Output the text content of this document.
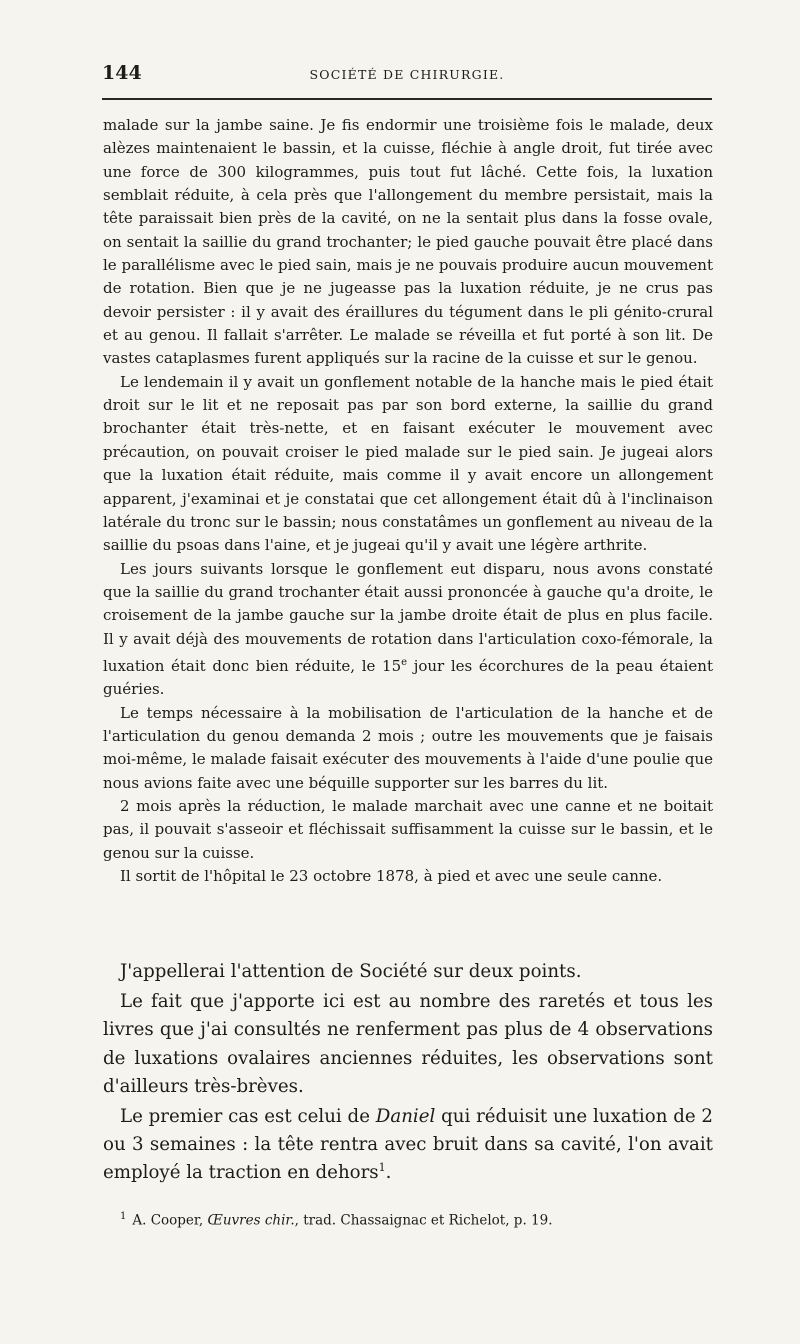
144	SOCIÉTÉ DE CHIRURGIE.

malade sur la jambe saine. Je fis endormir une troisième fois le malade, deux alèzes maintenaient le bassin, et la cuisse, fléchie à angle droit, fut tirée avec une force de 300 kilogrammes, puis tout fut lâché. Cette fois, la luxation semblait réduite, à cela près que l'allongement du membre persistait, mais la tête paraissait bien près de la cavité, on ne la sentait plus dans la fosse ovale, on sentait la saillie du grand trochanter; le pied gauche pouvait être placé dans le parallélisme avec le pied sain, mais je ne pouvais produire aucun mouvement de rotation. Bien que je ne jugeasse pas la luxation réduite, je ne crus pas devoir persister : il y avait des éraillures du tégument dans le pli génito-crural et au genou. Il fallait s'arrêter. Le malade se réveilla et fut porté à son lit. De vastes cataplasmes furent appliqués sur la racine de la cuisse et sur le genou.

Le lendemain il y avait un gonflement notable de la hanche mais le pied était droit sur le lit et ne reposait pas par son bord externe, la saillie du grand brochanter était très-nette, et en faisant exécuter le mouvement avec précaution, on pouvait croiser le pied malade sur le pied sain. Je jugeai alors que la luxation était réduite, mais comme il y avait encore un allongement apparent, j'examinai et je constatai que cet allongement était dû à l'inclinaison latérale du tronc sur le bassin; nous constatâmes un gonflement au niveau de la saillie du psoas dans l'aine, et je jugeai qu'il y avait une légère arthrite.

Les jours suivants lorsque le gonflement eut disparu, nous avons constaté que la saillie du grand trochanter était aussi prononcée à gauche qu'a droite, le croisement de la jambe gauche sur la jambe droite était de plus en plus facile. Il y avait déjà des mouvements de rotation dans l'articulation coxo-fémorale, la luxation était donc bien réduite, le 15e jour les écorchures de la peau étaient guéries.

Le temps nécessaire à la mobilisation de l'articulation de la hanche et de l'articulation du genou demanda 2 mois ; outre les mouvements que je faisais moi-même, le malade faisait exécuter des mouvements à l'aide d'une poulie que nous avions faite avec une béquille supporter sur les barres du lit.

2 mois après la réduction, le malade marchait avec une canne et ne boitait pas, il pouvait s'asseoir et fléchissait suffisamment la cuisse sur le bassin, et le genou sur la cuisse.

Il sortit de l'hôpital le 23 octobre 1878, à pied et avec une seule canne.

J'appellerai l'attention de Société sur deux points.

Le fait que j'apporte ici est au nombre des raretés et tous les livres que j'ai consultés ne renferment pas plus de 4 observations de luxations ovalaires anciennes réduites, les observations sont d'ailleurs très-brèves.

Le premier cas est celui de Daniel qui réduisit une luxation de 2 ou 3 semaines : la tête rentra avec bruit dans sa cavité, l'on avait employé la traction en dehors$^1$.

$^1$ A. Cooper, Œuvres chir., trad. Chassaignac et Richelot, p. 19.
